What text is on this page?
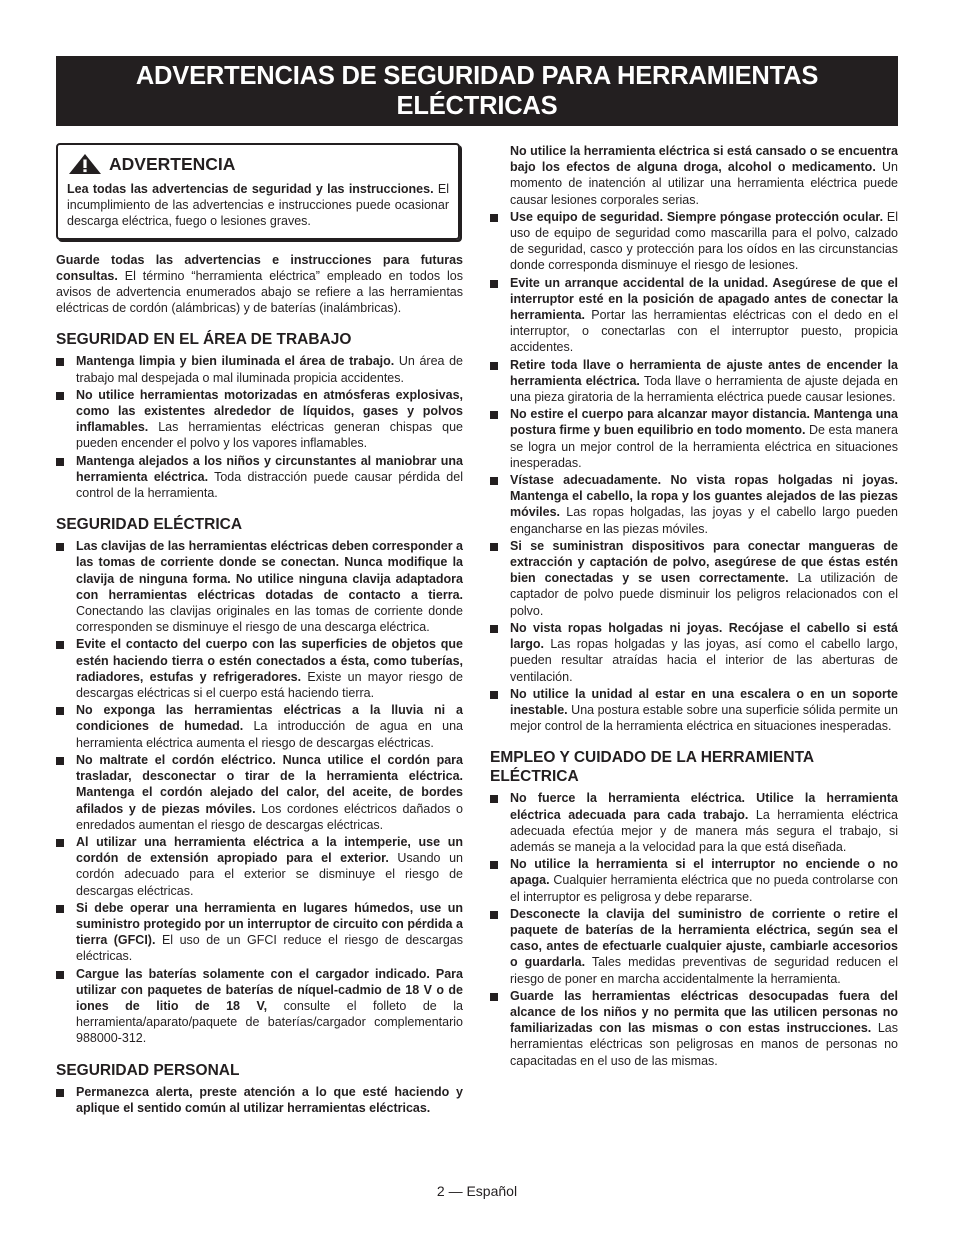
ADVERTENCIAS DE SEGURIDAD PARA HERRAMIENTAS
ELÉCTRICAS
ADVERTENCIA

Lea todas las advertencias de seguridad y las instrucciones. El incumplimiento de las advertencias e instrucciones puede ocasionar descarga eléctrica, fuego o lesiones graves.

Guarde todas las advertencias e instrucciones para futuras consultas. El término “herramienta eléctrica” empleado en todos los avisos de advertencia enumerados abajo se refiere a las herramientas eléctricas de cordón (alámbricas) y de baterías (inalámbricas).

SEGURIDAD EN EL ÁREA DE TRABAJO
Mantenga limpia y bien iluminada el área de trabajo. Un área de trabajo mal despejada o mal iluminada propicia accidentes.
No utilice herramientas motorizadas en atmósferas explosivas, como las existentes alrededor de líquidos, gases y polvos inflamables. Las herramientas eléctricas generan chispas que pueden encender el polvo y los vapores inflamables.
Mantenga alejados a los niños y circunstantes al maniobrar una herramienta eléctrica. Toda distracción puede causar pérdida del control de la herramienta.
SEGURIDAD ELÉCTRICA
Las clavijas de las herramientas eléctricas deben corresponder a las tomas de corriente donde se conectan. Nunca modifique la clavija de ninguna forma. No utilice ninguna clavija adaptadora con herramientas eléctricas dotadas de contacto a tierra. Conectando las clavijas originales en las tomas de corriente donde corresponden se disminuye el riesgo de una descarga eléctrica.
Evite el contacto del cuerpo con las superficies de objetos que estén haciendo tierra o estén conectados a ésta, como tuberías, radiadores, estufas y refrigeradores. Existe un mayor riesgo de descargas eléctricas si el cuerpo está haciendo tierra.
No exponga las herramientas eléctricas a la lluvia ni a condiciones de humedad. La introducción de agua en una herramienta eléctrica aumenta el riesgo de descargas eléctricas.
No maltrate el cordón eléctrico. Nunca utilice el cordón para trasladar, desconectar o tirar de la herramienta eléctrica. Mantenga el cordón alejado del calor, del aceite, de bordes afilados y de piezas móviles. Los cordones eléctricos dañados o enredados aumentan el riesgo de descargas eléctricas.
Al utilizar una herramienta eléctrica a la intemperie, use un cordón de extensión apropiado para el exterior. Usando un cordón adecuado para el exterior se disminuye el riesgo de descargas eléctricas.
Si debe operar una herramienta en lugares húmedos, use un suministro protegido por un interruptor de circuito con pérdida a tierra (GFCI). El uso de un GFCI reduce el riesgo de descargas eléctricas.
Cargue las baterías solamente con el cargador indicado. Para utilizar con paquetes de baterías de níquel-cadmio de 18 V o de iones de litio de 18 V, consulte el folleto de la herramienta/aparato/paquete de baterías/cargador complementario 988000-312.
SEGURIDAD PERSONAL
Permanezca alerta, preste atención a lo que esté haciendo y aplique el sentido común al utilizar herramientas eléctricas.
No utilice la herramienta eléctrica si está cansado o se encuentra bajo los efectos de alguna droga, alcohol o medicamento. Un momento de inatención al utilizar una herramienta eléctrica puede causar lesiones corporales serias.
Use equipo de seguridad. Siempre póngase protección ocular. El uso de equipo de seguridad como mascarilla para el polvo, calzado de seguridad, casco y protección para los oídos en las circunstancias donde corresponda disminuye el riesgo de lesiones.
Evite un arranque accidental de la unidad. Asegúrese de que el interruptor esté en la posición de apagado antes de conectar la herramienta. Portar las herramientas eléctricas con el dedo en el interruptor, o conectarlas con el interruptor puesto, propicia accidentes.
Retire toda llave o herramienta de ajuste antes de encender la herramienta eléctrica. Toda llave o herramienta de ajuste dejada en una pieza giratoria de la herramienta eléctrica puede causar lesiones.
No estire el cuerpo para alcanzar mayor distancia. Mantenga una postura firme y buen equilibrio en todo momento. De esta manera se logra un mejor control de la herramienta eléctrica en situaciones inesperadas.
Vístase adecuadamente. No vista ropas holgadas ni joyas. Mantenga el cabello, la ropa y los guantes alejados de las piezas móviles. Las ropas holgadas, las joyas y el cabello largo pueden engancharse en las piezas móviles.
Si se suministran dispositivos para conectar mangueras de extracción y captación de polvo, asegúrese de que éstas estén bien conectadas y se usen correctamente. La utilización de captador de polvo puede disminuir los peligros relacionados con el polvo.
No vista ropas holgadas ni joyas. Recójase el cabello si está largo. Las ropas holgadas y las joyas, así como el cabello largo, pueden resultar atraídas hacia el interior de las aberturas de ventilación.
No utilice la unidad al estar en una escalera o en un soporte inestable. Una postura estable sobre una superficie sólida permite un mejor control de la herramienta eléctrica en situaciones inesperadas.
EMPLEO Y CUIDADO DE LA HERRAMIENTA ELÉCTRICA
No fuerce la herramienta eléctrica. Utilice la herramienta eléctrica adecuada para cada trabajo. La herramienta eléctrica adecuada efectúa mejor y de manera más segura el trabajo, si además se maneja a la velocidad para la que está diseñada.
No utilice la herramienta si el interruptor no enciende o no apaga. Cualquier herramienta eléctrica que no pueda controlarse con el interruptor es peligrosa y debe repararse.
Desconecte la clavija del suministro de corriente o retire el paquete de baterías de la herramienta eléctrica, según sea el caso, antes de efectuarle cualquier ajuste, cambiarle accesorios o guardarla. Tales medidas preventivas de seguridad reducen el riesgo de poner en marcha accidentalmente la herramienta.
Guarde las herramientas eléctricas desocupadas fuera del alcance de los niños y no permita que las utilicen personas no familiarizadas con las mismas o con estas instrucciones. Las herramientas eléctricas son peligrosas en manos de personas no capacitadas en el uso de las mismas.
2 — Español
